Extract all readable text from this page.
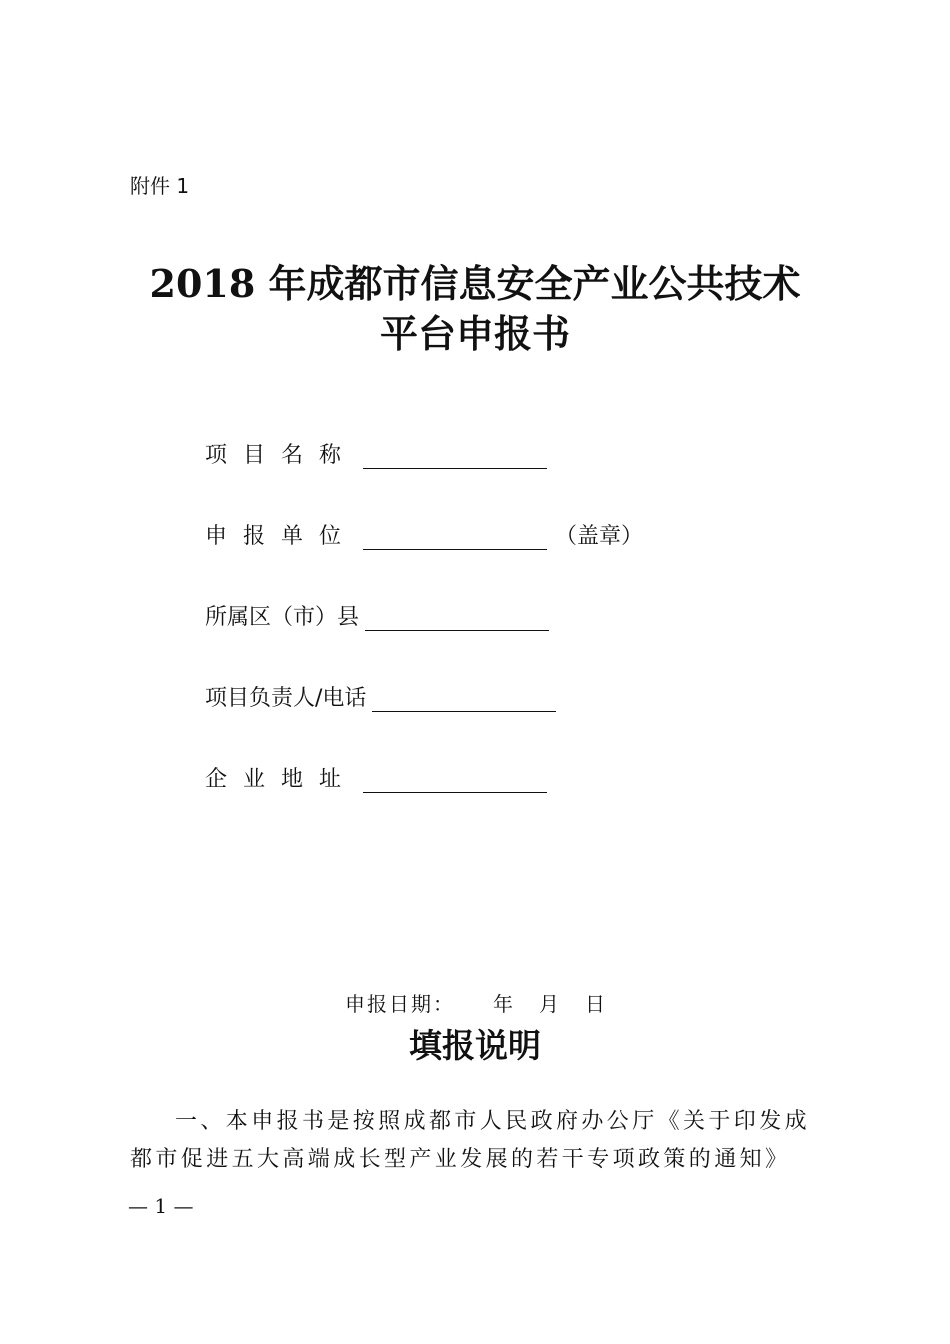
附件 1
2018 年成都市信息安全产业公共技术
平台申报书
项目名称
申报单位	（盖章）
所属区（市）县
项目负责人/电话
企业地址
申报日期： 年 月 日
填报说明
一、本申报书是按照成都市人民政府办公厅《关于印发成
都市促进五大高端成长型产业发展的若干专项政策的通知》
— 1 —
